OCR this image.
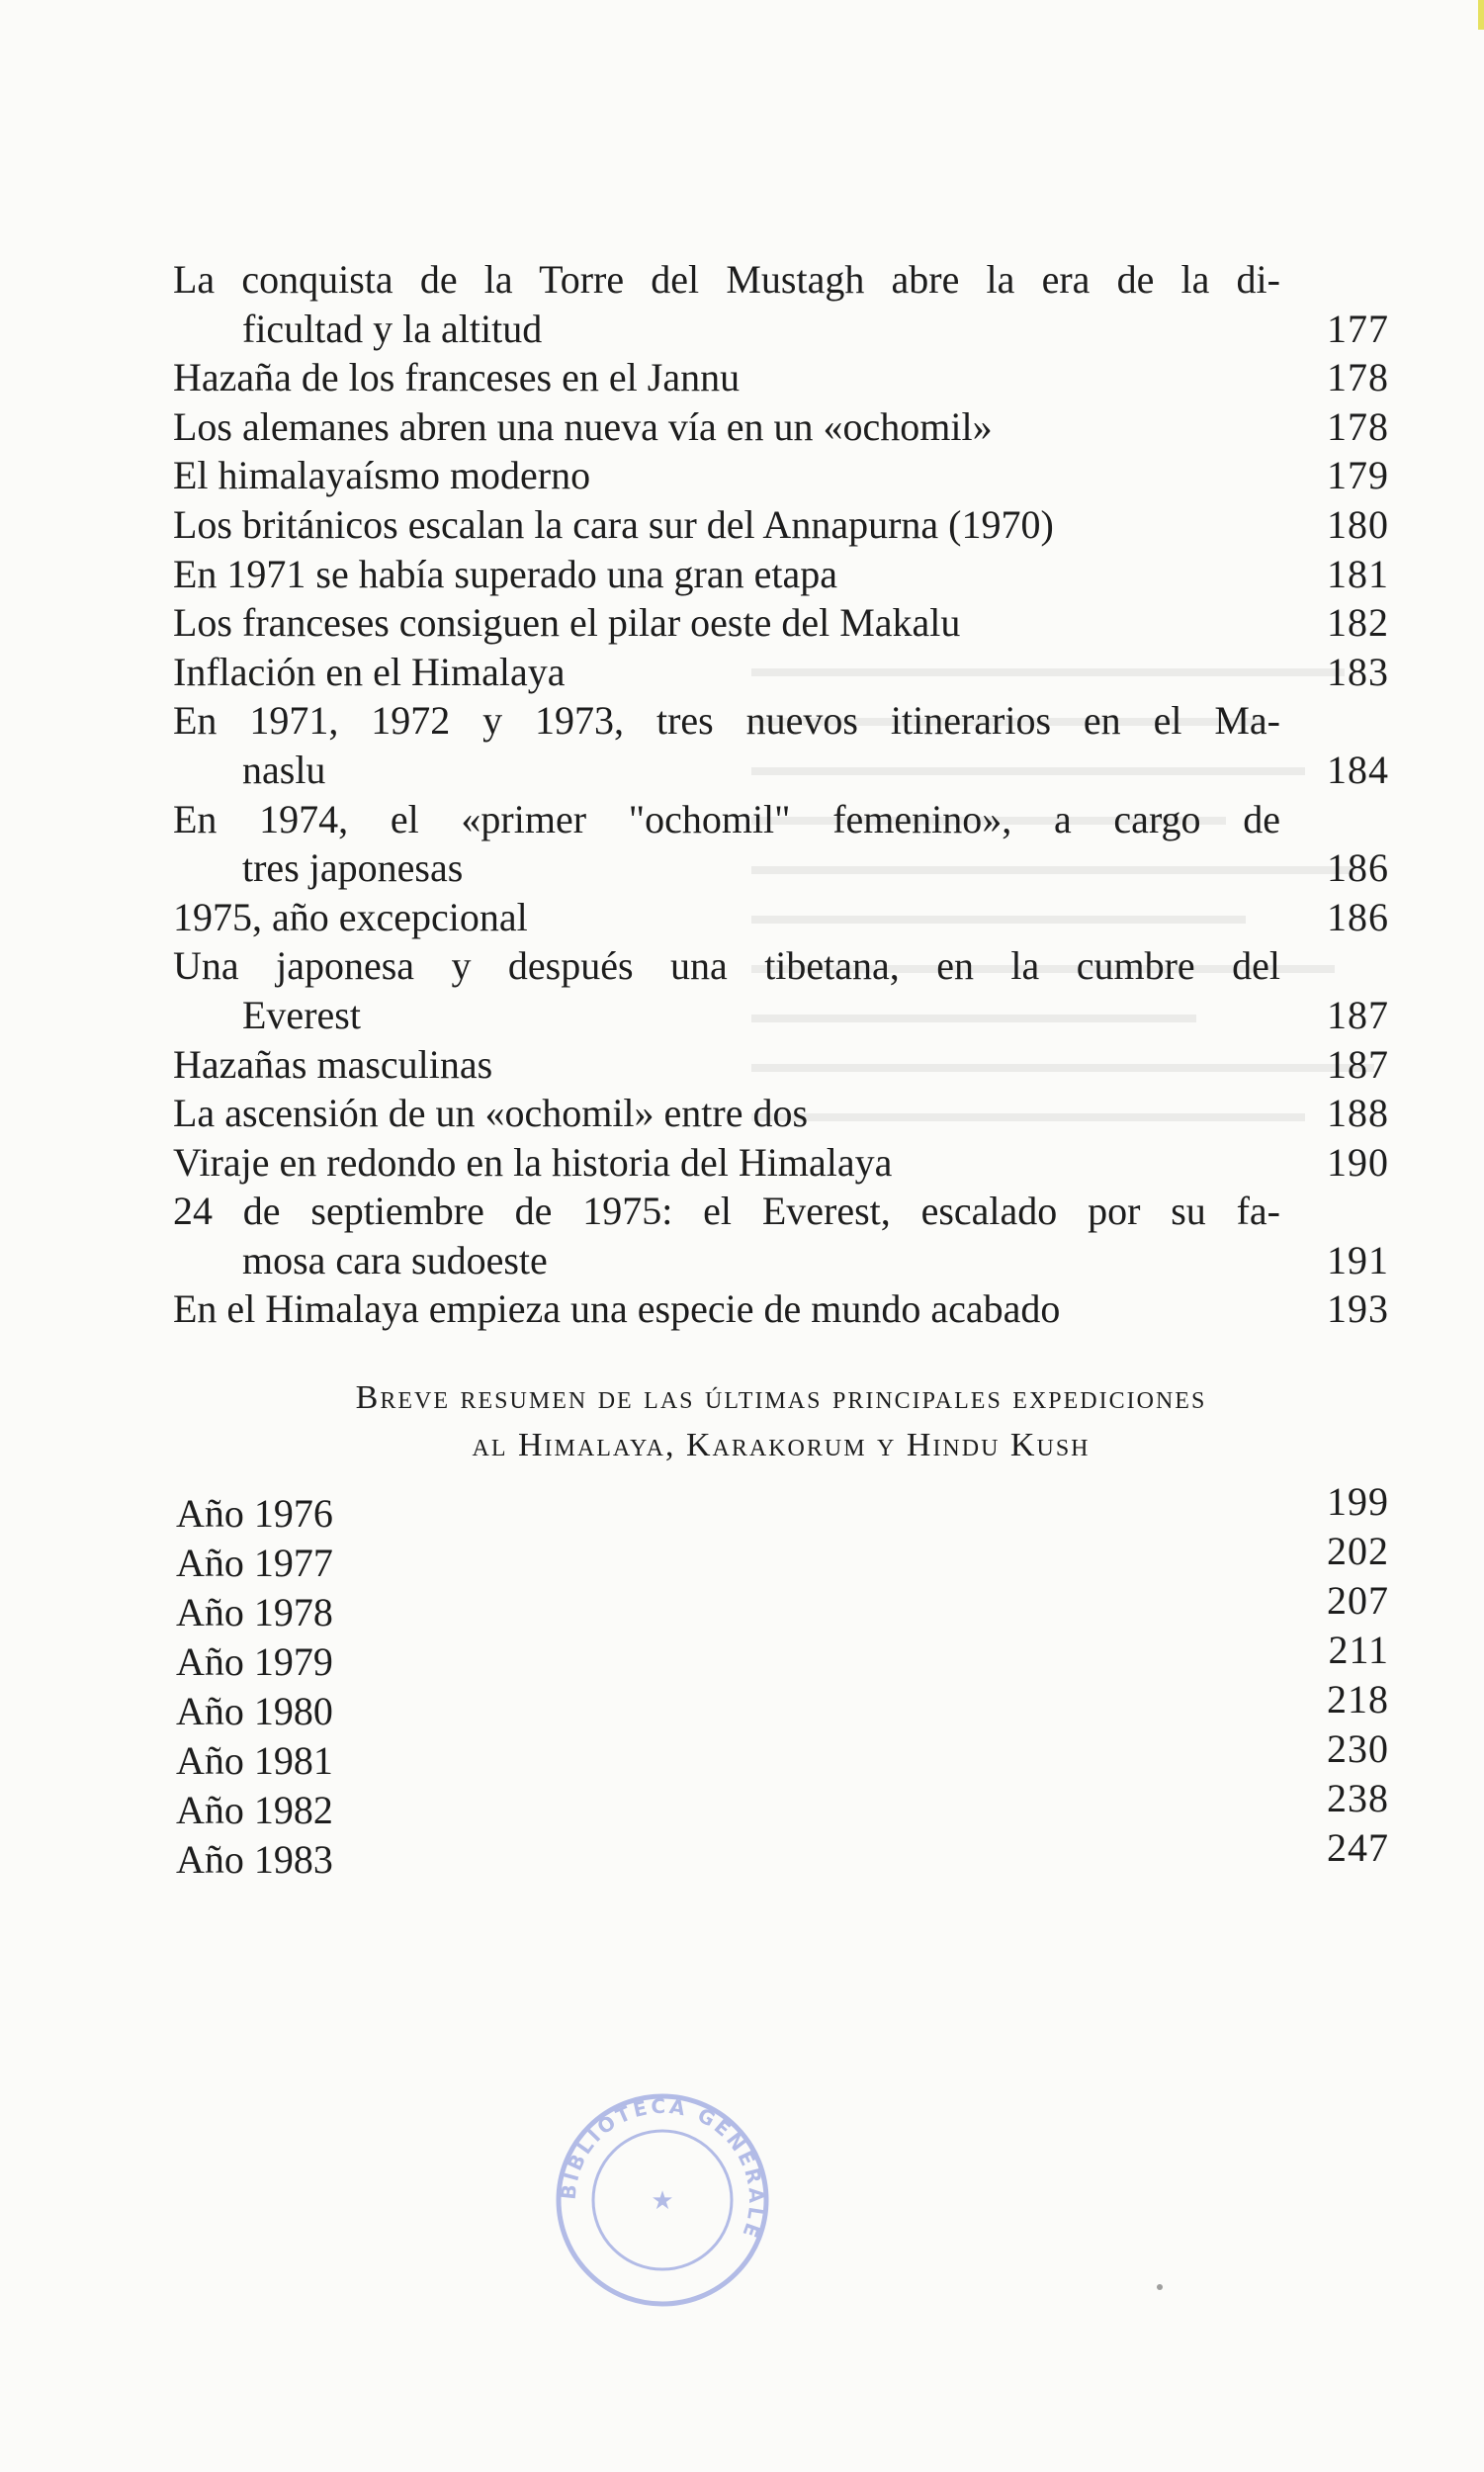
La conquista de la Torre del Mustagh abre la era de la di-
ficultad y la altitud	177
Hazaña de los franceses en el Jannu	178
Los alemanes abren una nueva vía en un «ochomil»	178
El himalayaísmo moderno	179
Los británicos escalan la cara sur del Annapurna (1970)	180
En 1971 se había superado una gran etapa	181
Los franceses consiguen el pilar oeste del Makalu	182
Inflación en el Himalaya	183
En 1971, 1972 y 1973, tres nuevos itinerarios en el Ma-
naslu	184
En 1974, el «primer "ochomil" femenino», a cargo de
tres japonesas	186
1975, año excepcional	186
Una japonesa y después una tibetana, en la cumbre del
Everest	187
Hazañas masculinas	187
La ascensión de un «ochomil» entre dos	188
Viraje en redondo en la historia del Himalaya	190
24 de septiembre de 1975: el Everest, escalado por su fa-
mosa cara sudoeste	191
En el Himalaya empieza una especie de mundo acabado	193
Breve resumen de las últimas principales expediciones
al Himalaya, Karakorum y Hindu Kush
Año 1976	199
Año 1977	202
Año 1978	207
Año 1979	211
Año 1980	218
Año 1981	230
Año 1982	238
Año 1983	247
BIBLIOTECA GENERALE
★
